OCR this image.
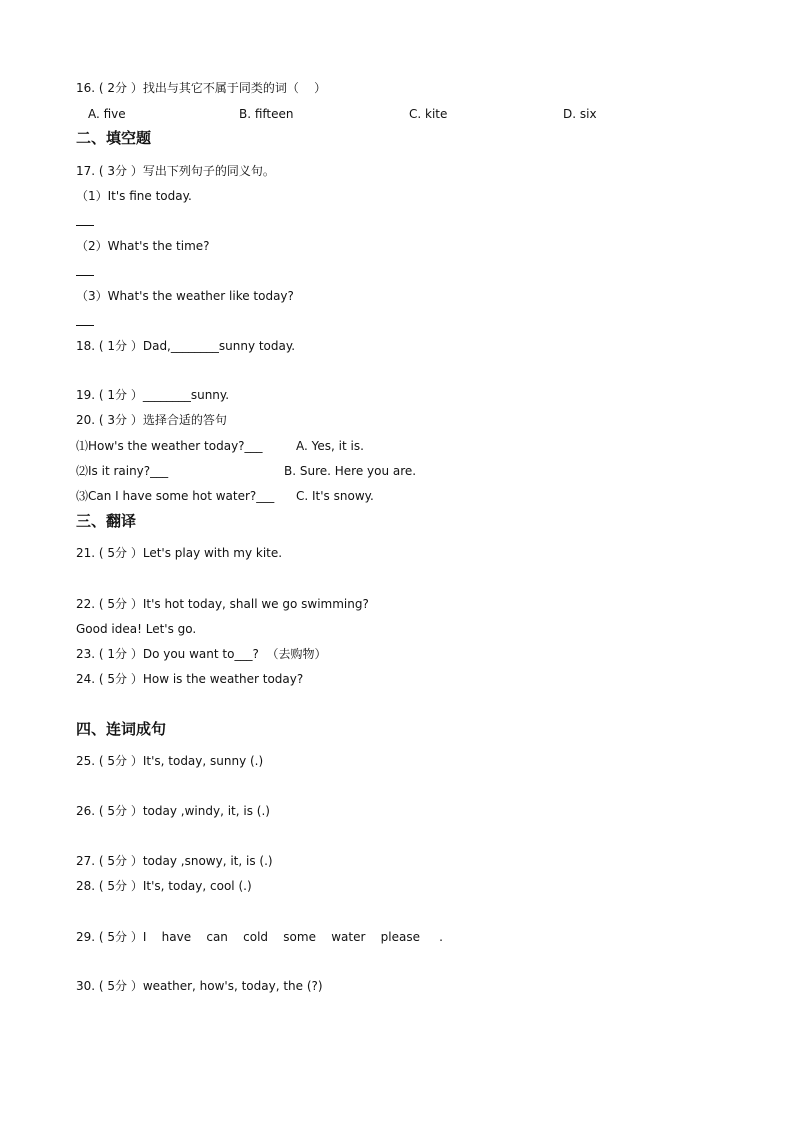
16. ( 2分 ）找出与其它不属于同类的词（    ）
A. five	B. fifteen	C. kite	D. six
二、填空题
17. ( 3分 ）写出下列句子的同义句。
（1）It's fine today.
（2）What's the time?
（3）What's the weather like today?
18. ( 1分 ）Dad,________sunny today.
19. ( 1分 ）________sunny.
20. ( 3分 ）选择合适的答句
⑴How's the weather today?___	A. Yes, it is.
⑵Is it rainy?___	B. Sure. Here you are.
⑶Can I have some hot water?___ C. It's snowy.
三、翻译
21. ( 5分 ）Let's play with my kite.
22. ( 5分 ）It's hot today, shall we go swimming?
Good idea! Let's go.
23. ( 1分 ）Do you want to___?  （去购物）
24. ( 5分 ）How is the weather today?
四、连词成句
25. ( 5分 ）It's, today, sunny (.)
26. ( 5分 ）today ,windy, it, is (.)
27. ( 5分 ）today ,snowy, it, is (.)
28. ( 5分 ）It's, today, cool (.)
29. ( 5分 ）I    have    can    cold    some    water    please     .
30. ( 5分 ）weather, how's, today, the (?)
